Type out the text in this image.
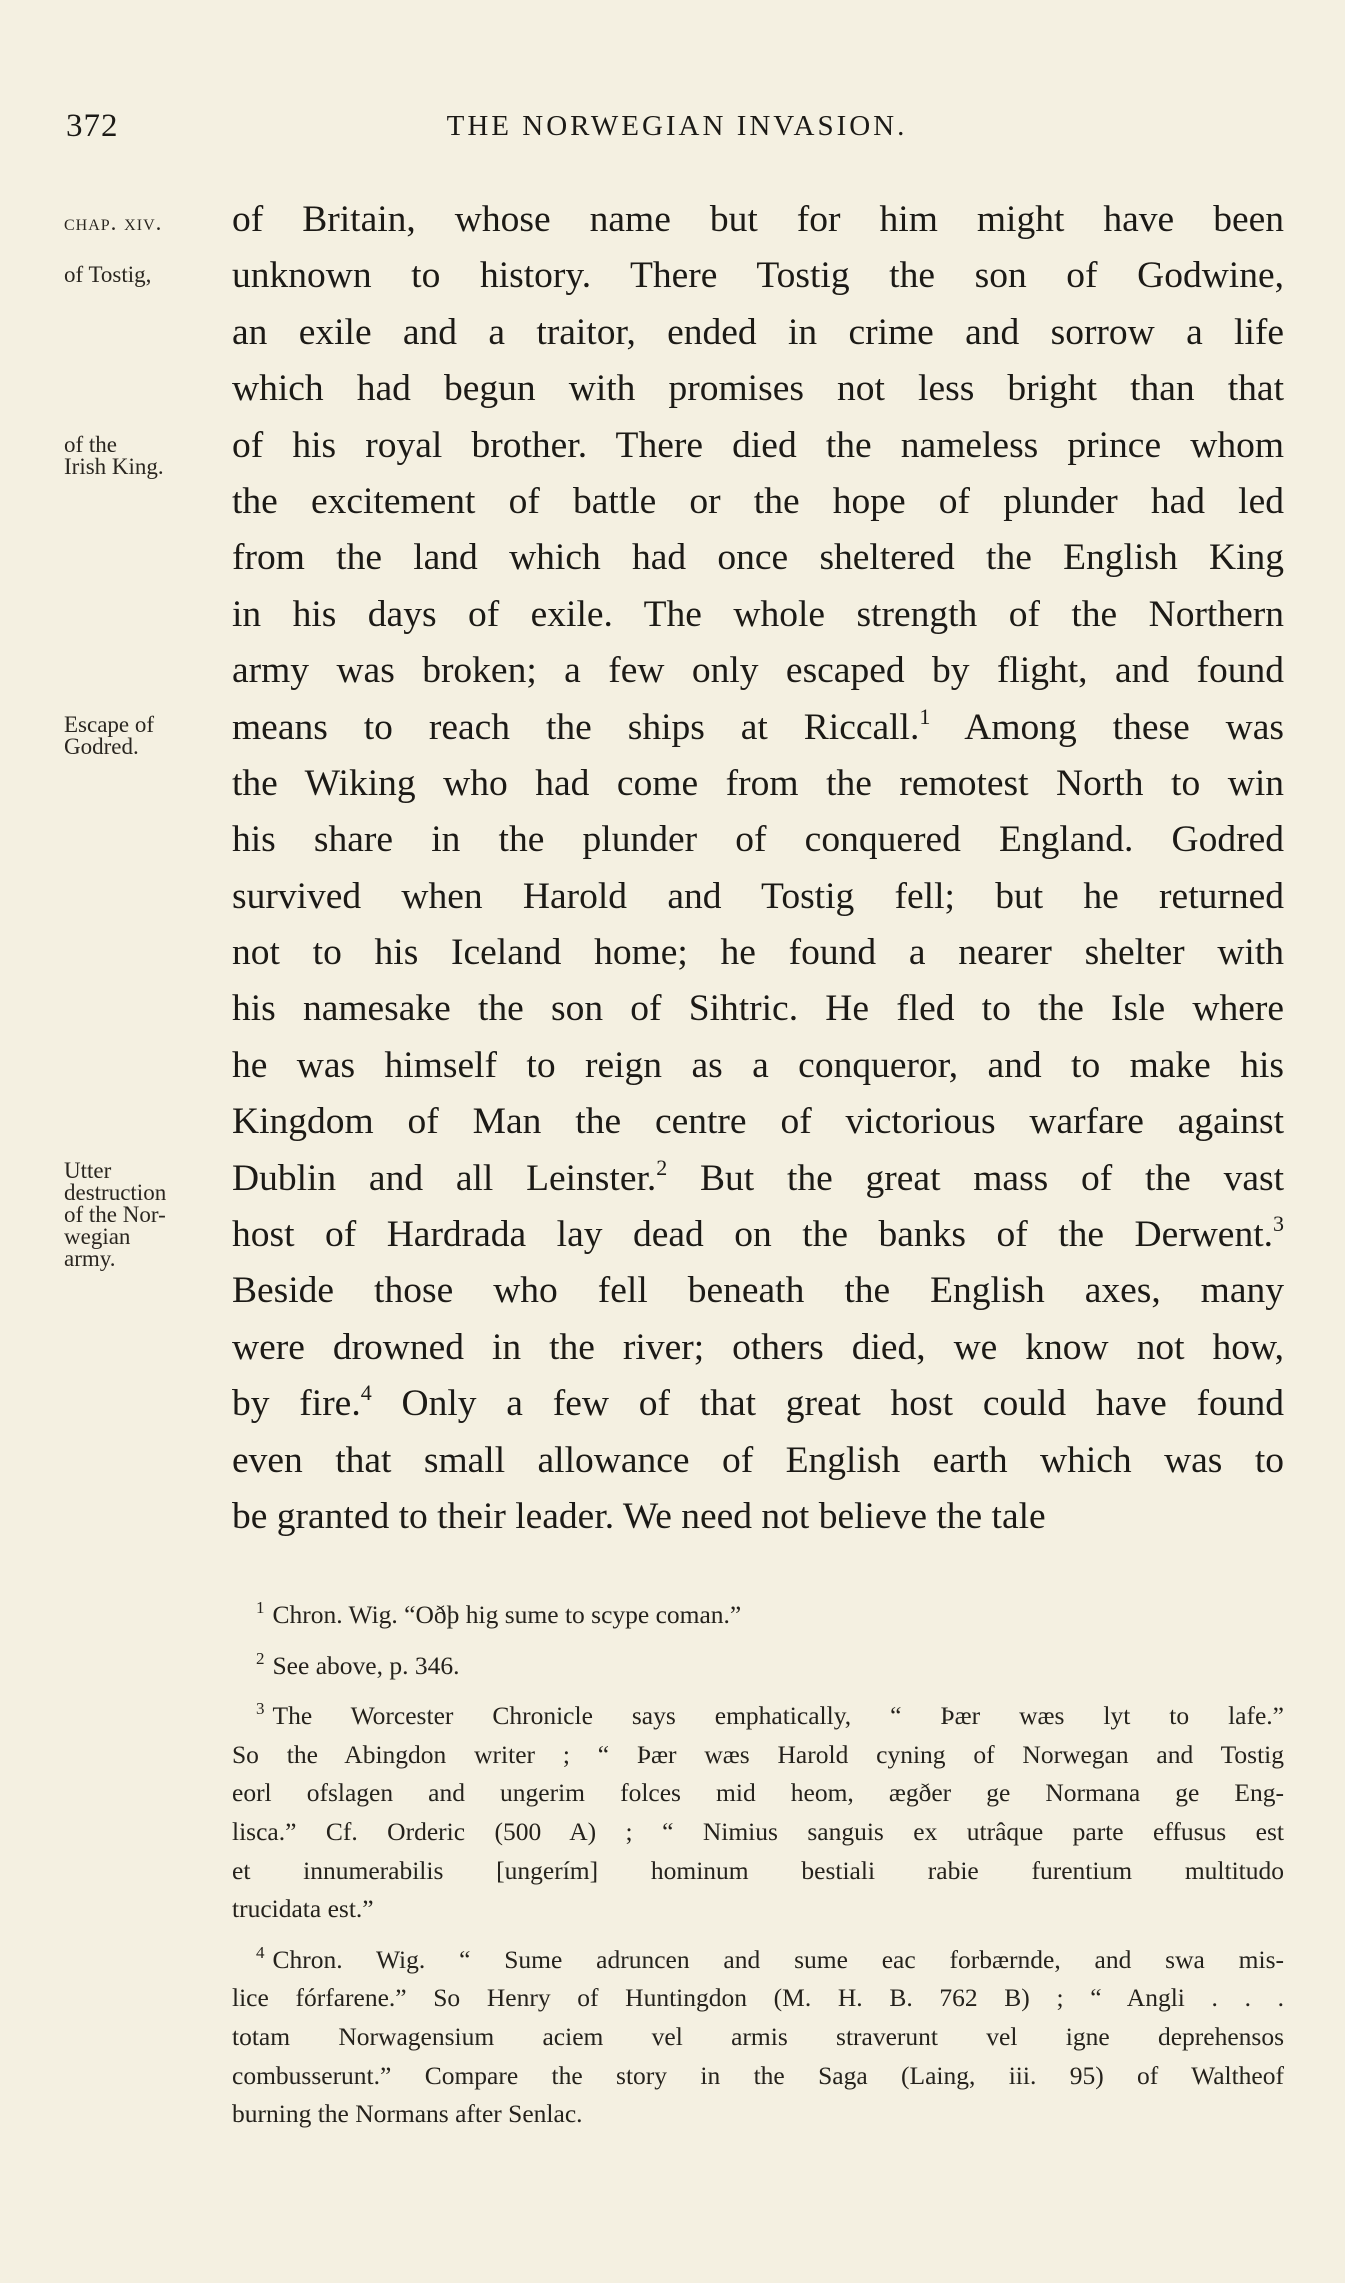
372	THE NORWEGIAN INVASION.
chap. xiv.
of Tostig,
of the
Irish King.
Escape of
Godred.
Utter
destruction
of the Nor-
wegian
army.
of Britain, whose name but for him might have been
unknown to history. There Tostig the son of Godwine,
an exile and a traitor, ended in crime and sorrow a life
which had begun with promises not less bright than that
of his royal brother. There died the nameless prince whom
the excitement of battle or the hope of plunder had led
from the land which had once sheltered the English King
in his days of exile. The whole strength of the Northern
army was broken; a few only escaped by flight, and found
means to reach the ships at Riccall.$^1$ Among these was
the Wiking who had come from the remotest North to win
his share in the plunder of conquered England. Godred
survived when Harold and Tostig fell; but he returned
not to his Iceland home; he found a nearer shelter with
his namesake the son of Sihtric. He fled to the Isle where
he was himself to reign as a conqueror, and to make his
Kingdom of Man the centre of victorious warfare against
Dublin and all Leinster.$^2$ But the great mass of the vast
host of Hardrada lay dead on the banks of the Derwent.$^3$
Beside those who fell beneath the English axes, many
were drowned in the river; others died, we know not how,
by fire.$^4$ Only a few of that great host could have found
even that small allowance of English earth which was to
be granted to their leader. We need not believe the tale
$^1$ Chron. Wig. “Oðþ hig sume to scype coman.”
$^2$ See above, p. 346.
$^3$ The Worcester Chronicle says emphatically, “ Þær wæs lyt to lafe.”
So the Abingdon writer ; “ Þær wæs Harold cyning of Norwegan and Tostig
eorl ofslagen and ungerim folces mid heom, ægðer ge Normana ge Eng-
lisca.” Cf. Orderic (500 A) ; “ Nimius sanguis ex utrâque parte effusus est
et innumerabilis [ungerím] hominum bestiali rabie furentium multitudo
trucidata est.”
$^4$ Chron. Wig. “ Sume adruncen and sume eac forbærnde, and swa mis-
lice fórfarene.” So Henry of Huntingdon (M. H. B. 762 B) ; “ Angli . . .
totam Norwagensium aciem vel armis straverunt vel igne deprehensos
combusserunt.” Compare the story in the Saga (Laing, iii. 95) of Waltheof
burning the Normans after Senlac.
